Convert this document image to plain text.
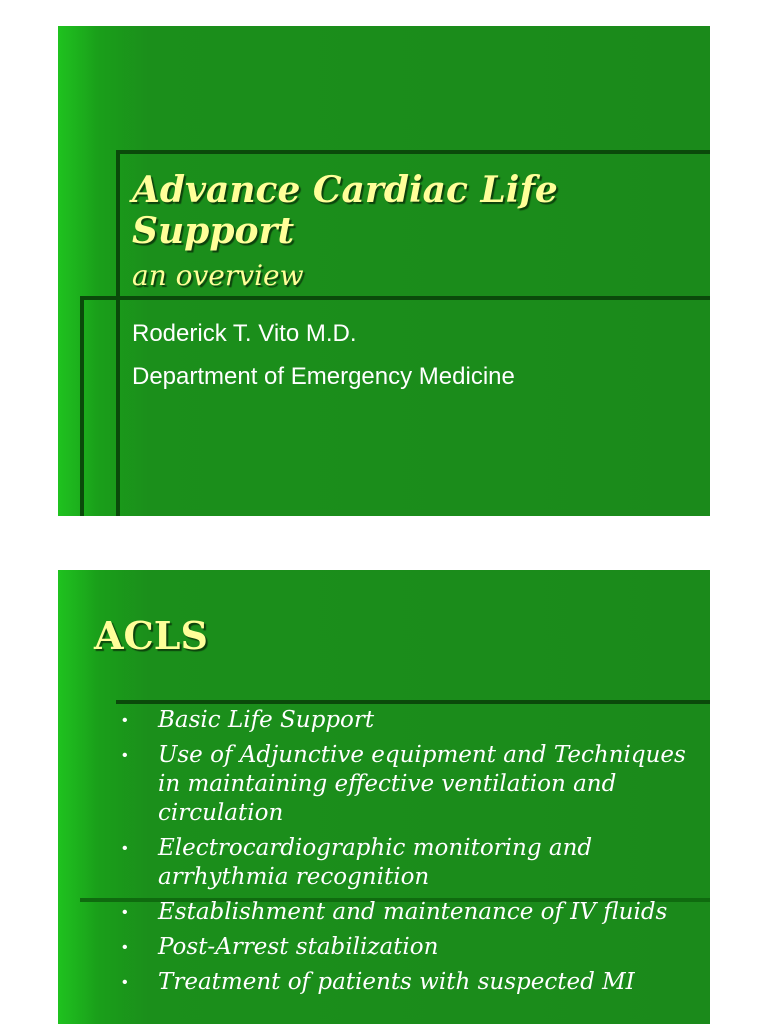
Advance Cardiac Life
Support
an overview
Roderick T. Vito M.D.
Department of Emergency Medicine
ACLS
• Basic Life Support
• Use of Adjunctive equipment and Techniques in maintaining effective ventilation and circulation
• Electrocardiographic monitoring and arrhythmia recognition
• Establishment and maintenance of IV fluids
• Post-Arrest stabilization
• Treatment of patients with suspected MI
